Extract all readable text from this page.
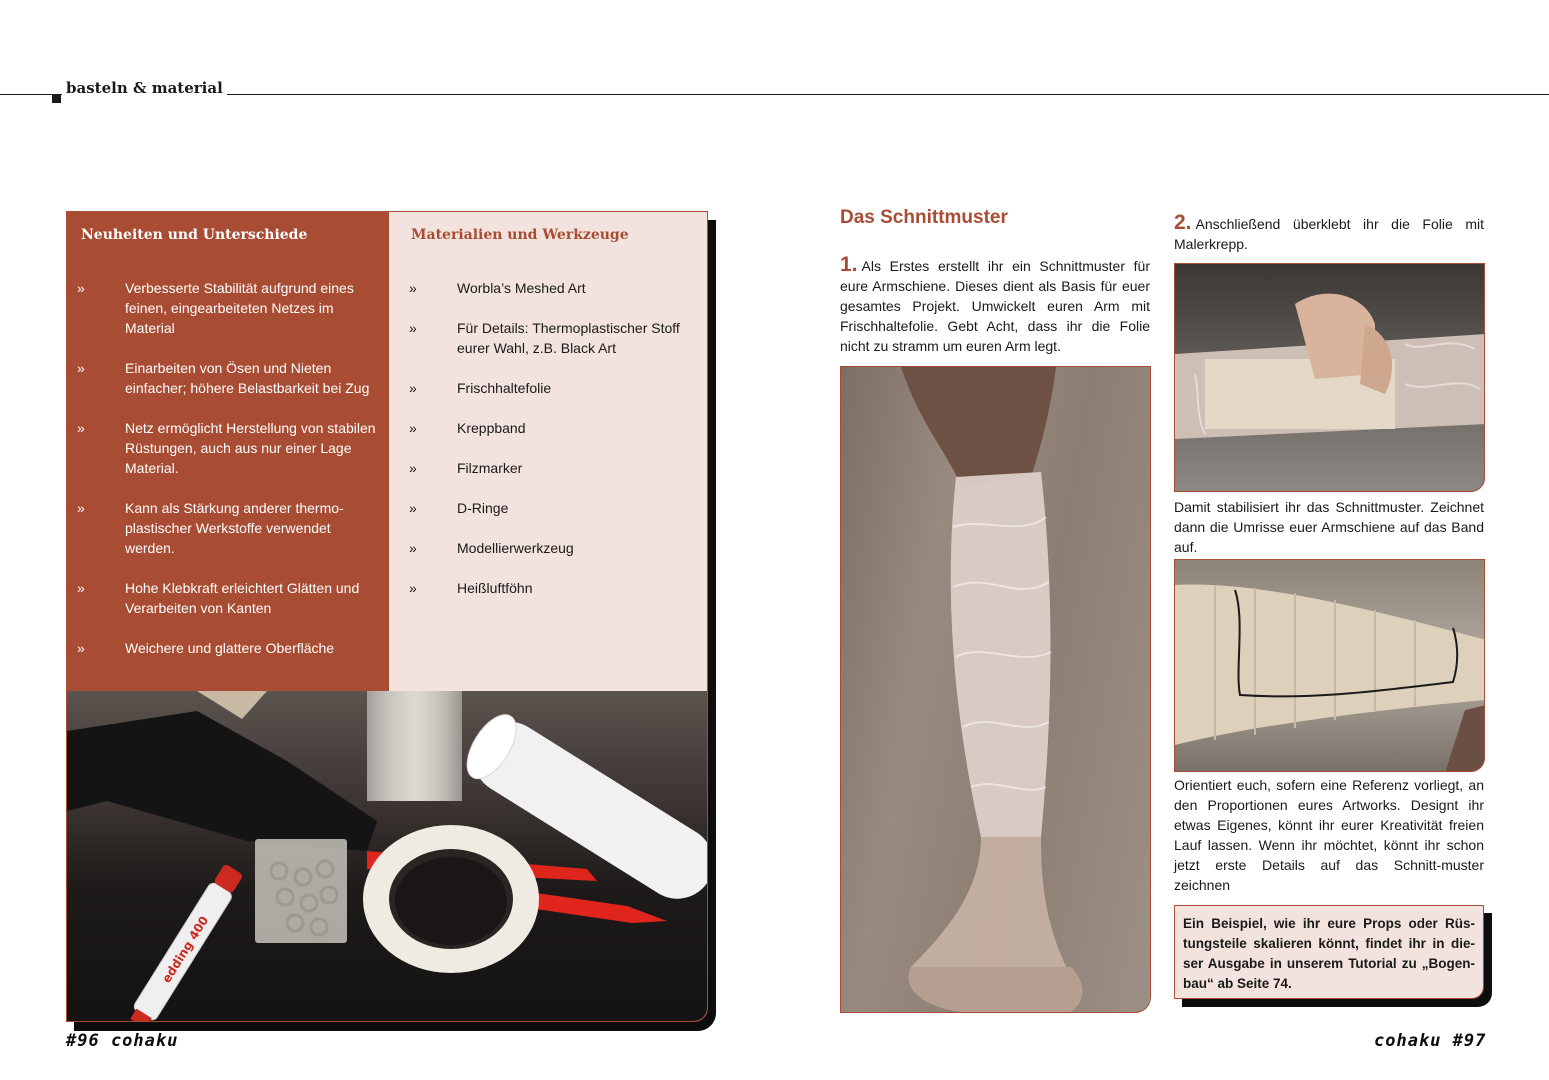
basteln & material
Neuheiten und Unterschiede
»	Verbesserte Stabilität aufgrund eines feinen, eingearbeiteten Netzes im Material
»	Einarbeiten von Ösen und Nieten einfacher; höhere Belastbarkeit bei Zug
»	Netz ermöglicht Herstellung von stabilen Rüstungen, auch aus nur einer Lage Material.
»	Kann als Stärkung anderer thermo-plastischer Werkstoffe verwendet werden.
»	Hohe Klebkraft erleichtert Glätten und Verarbeiten von Kanten
»	Weichere und glattere Oberfläche
Materialien und Werkzeuge
»	Worbla’s Meshed Art
»	Für Details: Thermoplastischer Stoff eurer Wahl, z.B. Black Art
»	Frischhaltefolie
»	Kreppband
»	Filzmarker
»	D-Ringe
»	Modellierwerkzeug
»	Heißluftföhn
edding 400
Das Schnittmuster
1. Als Erstes erstellt ihr ein Schnittmuster für eure Armschiene. Dieses dient als Basis für euer gesamtes Projekt. Umwickelt euren Arm mit Frischhaltefolie. Gebt Acht, dass ihr die Folie nicht zu stramm um euren Arm legt.
2. Anschließend überklebt ihr die Folie mit Malerkrepp.
Damit stabilisiert ihr das Schnittmuster. Zeichnet dann die Umrisse euer Armschiene auf das Band auf.
Orientiert euch, sofern eine Referenz vorliegt, an den Proportionen eures Artworks. Designt ihr etwas Eigenes, könnt ihr eurer Kreativität freien Lauf lassen. Wenn ihr möchtet, könnt ihr schon jetzt erste Details auf das Schnitt-muster zeichnen
Ein Beispiel, wie ihr eure Props oder Rüs-tungsteile skalieren könnt, findet ihr in die-ser Ausgabe in unserem Tutorial zu „Bogen-bau“ ab Seite 74.
#96 cohaku	cohaku #97
